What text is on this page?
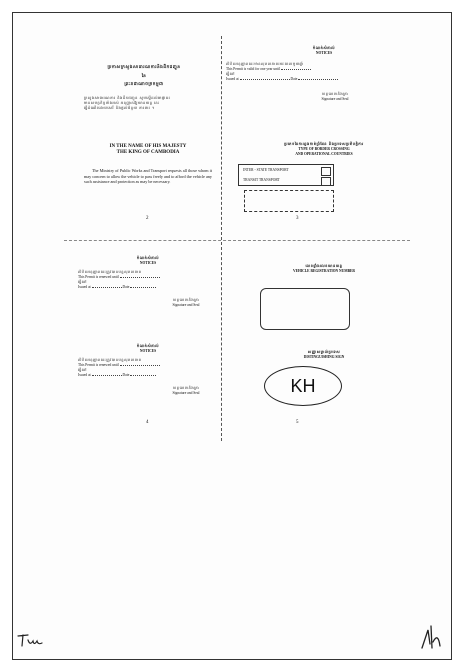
ប្រកាសក្រសួងសាធារណការនិងដឹកជញ្ជូន
នៃ
ព្រះរាជាណាចក្រកម្ពុជា
ក្រសួងសាធារណការ និងដឹកជញ្ជូន សូមស្នើដល់អាជ្ញាធរ
មានសមត្ថកិច្ចទាំងអស់ អនុញ្ញាតឱ្យយានយន្ត នេះ
ធ្វើដំណើរដោយសេរី និងផ្តល់ជំនួយ ការពារ ។
IN THE NAME OF HIS MAJESTY
THE KING OF CAMBODIA
The Ministry of Public Works and Transport requests all those whom it may concern to allow the vehicle to pass freely and to afford the vehicle any such assistance and protection as may be necessary.
2
កំណត់សំគាល់
NOTICES
លិខិតអនុញ្ញាតនេះមានសុពលភាពរយៈពេលមួយឆ្នាំ
This Permit is valid for one year until
ធ្វើនៅ
Issued at	Date
ហត្ថលេខានិងត្រា
Signature and Seal
ប្រភេទនៃការឆ្លងកាត់ព្រំដែន និងប្រទេសប្រតិបត្តិការ
TYPE OF BORDER CROSSING
AND OPERATIONAL COUNTRIES
INTER - STATE TRANSPORT
TRANSIT TRANSPORT
3
កំណត់សំគាល់
NOTICES
លិខិតអនុញ្ញាតនេះត្រូវបានបន្តសុពលភាព
This Permit is renewed until
ធ្វើនៅ
Issued at	Date
ហត្ថលេខានិងត្រា
Signature and Seal
កំណត់សំគាល់
NOTICES
លិខិតអនុញ្ញាតនេះត្រូវបានបន្តសុពលភាព
This Permit is renewed until
ធ្វើនៅ
Issued at	Date
ហត្ថលេខានិងត្រា
Signature and Seal
4
លេខផ្ទាំងលេខយានយន្ត
VEHICLE REGISTRATION NUMBER
សញ្ញាសម្គាល់ប្រទេស
DISTINGUISHING SIGN
KH
5
